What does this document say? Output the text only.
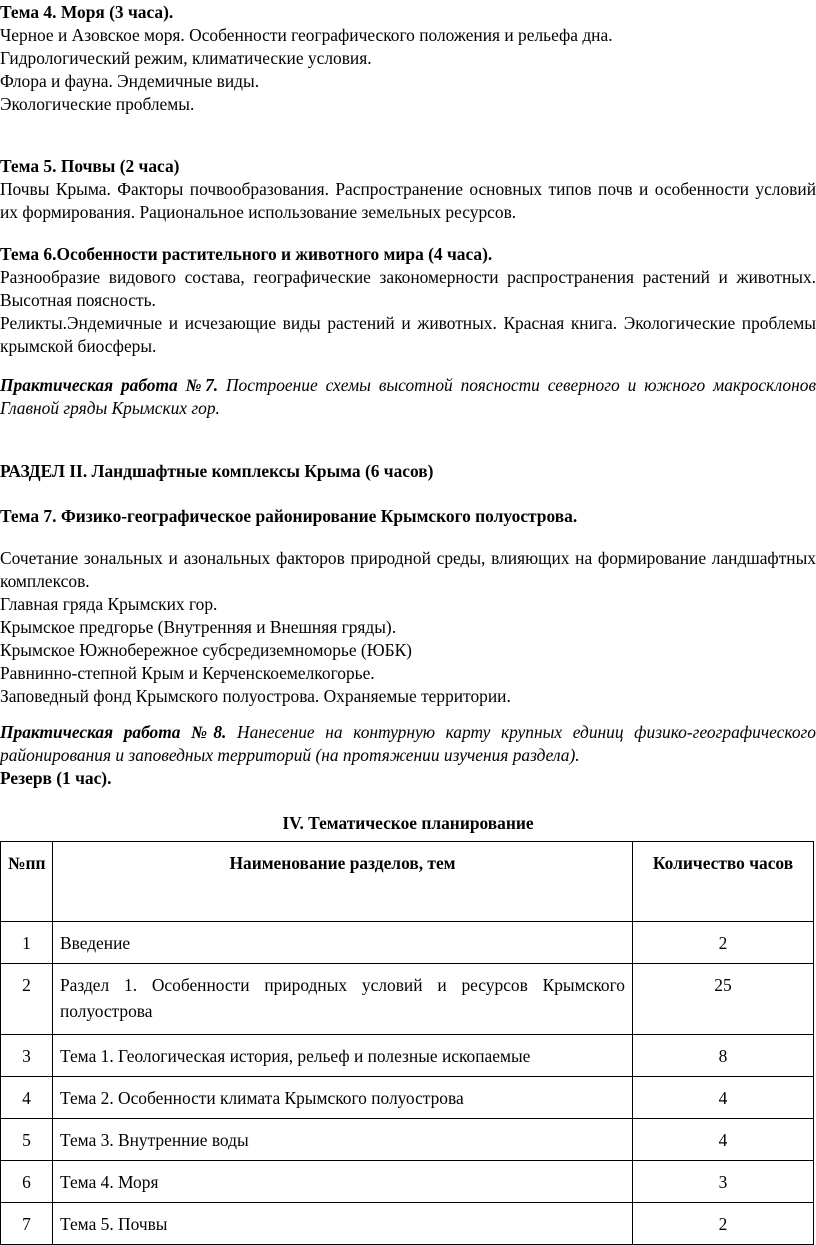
Тема 4. Моря (3 часа).

Черное и Азовское моря. Особенности географического положения и рельефа дна.

Гидрологический режим, климатические условия.

Флора и фауна. Эндемичные виды.

Экологические проблемы.

Тема 5. Почвы (2 часа)

Почвы Крыма. Факторы почвообразования. Распространение основных типов почв и особенности условий их формирования. Рациональное использование земельных ресурсов.

Тема 6.Особенности растительного и животного мира (4 часа).

Разнообразие видового состава, географические закономерности распространения растений и животных. Высотная поясность.

Реликты.Эндемичные и исчезающие виды растений и животных. Красная книга. Экологические проблемы крымской биосферы.

Практическая работа №7. Построение схемы высотной поясности северного и южного макросклонов Главной гряды Крымских гор.

РАЗДЕЛ II. Ландшафтные комплексы Крыма (6 часов)

Тема 7. Физико-географическое районирование Крымского полуострова.

Сочетание зональных и азональных факторов природной среды, влияющих на формирование ландшафтных комплексов.

Главная гряда Крымских гор.

Крымское предгорье (Внутренняя и Внешняя гряды).

Крымское Южнобережное субсредиземноморье (ЮБК)

Равнинно-степной Крым и Керченскоемелкогорье.

Заповедный фонд Крымского полуострова. Охраняемые территории.

Практическая работа №8. Нанесение на контурную карту крупных единиц физико-географического районирования и заповедных территорий (на протяжении изучения раздела).

Резерв (1 час).

IV. Тематическое планирование

№пп	Наименование разделов, тем	Количество часов
1	Введение	2
2	Раздел 1. Особенности природных условий и ресурсов Крымского полуострова	25
3	Тема 1. Геологическая история, рельеф и полезные ископаемые	8
4	Тема 2. Особенности климата Крымского полуострова	4
5	Тема 3. Внутренние воды	4
6	Тема 4. Моря	3
7	Тема 5. Почвы	2
